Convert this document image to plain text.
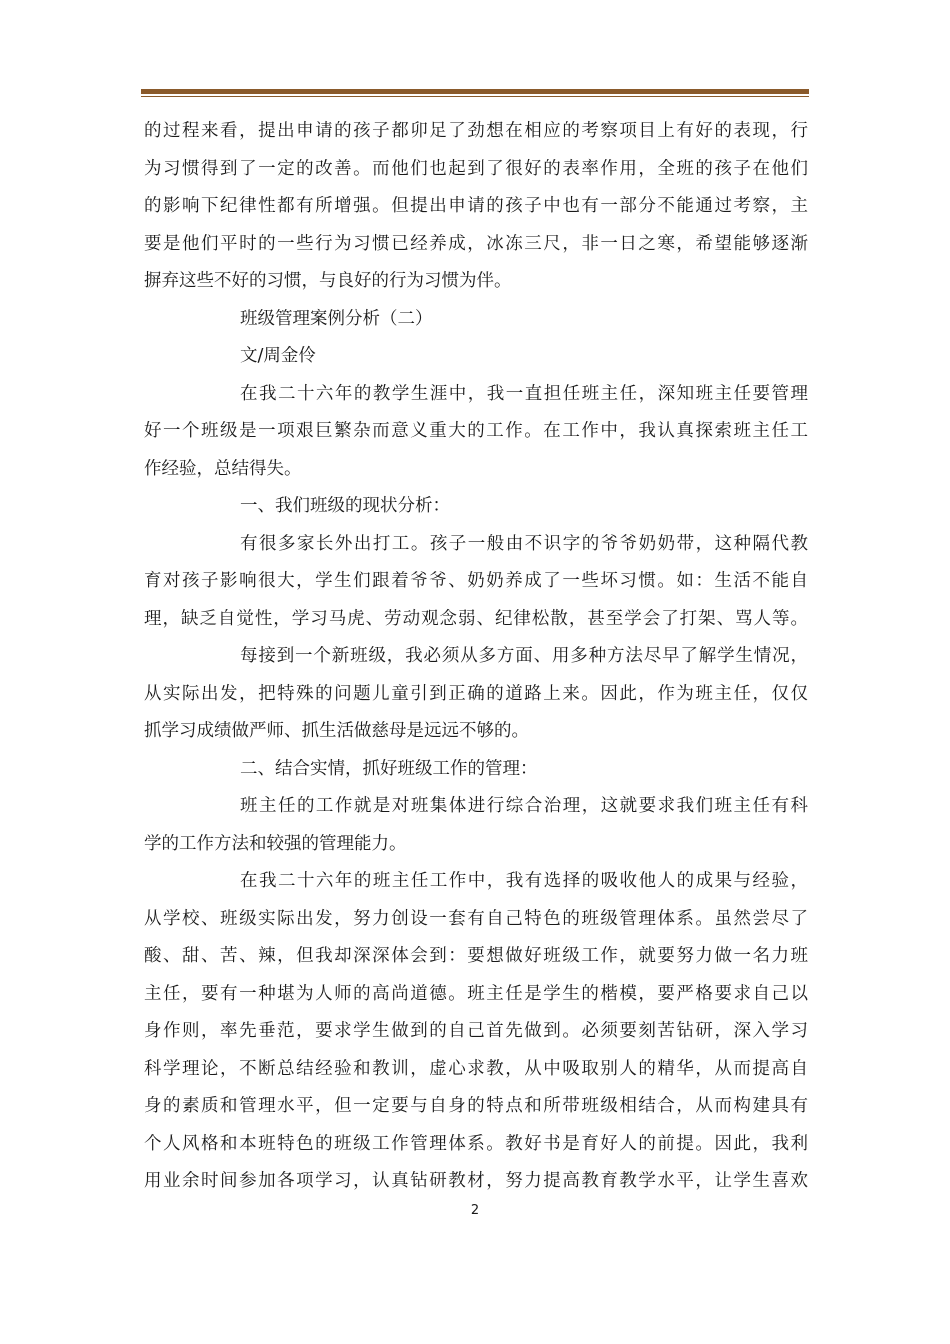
的过程来看，提出申请的孩子都卯足了劲想在相应的考察项目上有好的表现，行
为习惯得到了一定的改善。而他们也起到了很好的表率作用，全班的孩子在他们
的影响下纪律性都有所增强。但提出申请的孩子中也有一部分不能通过考察，主
要是他们平时的一些行为习惯已经养成，冰冻三尺，非一日之寒，希望能够逐渐
摒弃这些不好的习惯，与良好的行为习惯为伴。
班级管理案例分析（二）
文/周金伶
在我二十六年的教学生涯中，我一直担任班主任，深知班主任要管理
好一个班级是一项艰巨繁杂而意义重大的工作。在工作中，我认真探索班主任工
作经验，总结得失。
一、我们班级的现状分析：
有很多家长外出打工。孩子一般由不识字的爷爷奶奶带，这种隔代教
育对孩子影响很大，学生们跟着爷爷、奶奶养成了一些坏习惯。如：生活不能自
理，缺乏自觉性，学习马虎、劳动观念弱、纪律松散，甚至学会了打架、骂人等。
每接到一个新班级，我必须从多方面、用多种方法尽早了解学生情况，
从实际出发，把特殊的问题儿童引到正确的道路上来。因此，作为班主任，仅仅
抓学习成绩做严师、抓生活做慈母是远远不够的。
二、结合实情，抓好班级工作的管理：
班主任的工作就是对班集体进行综合治理，这就要求我们班主任有科
学的工作方法和较强的管理能力。
在我二十六年的班主任工作中，我有选择的吸收他人的成果与经验，
从学校、班级实际出发，努力创设一套有自己特色的班级管理体系。虽然尝尽了
酸、甜、苦、辣，但我却深深体会到：要想做好班级工作，就要努力做一名力班
主任，要有一种堪为人师的高尚道德。班主任是学生的楷模，要严格要求自己以
身作则，率先垂范，要求学生做到的自己首先做到。必须要刻苦钻研，深入学习
科学理论，不断总结经验和教训，虚心求教，从中吸取别人的精华，从而提高自
身的素质和管理水平，但一定要与自身的特点和所带班级相结合，从而构建具有
个人风格和本班特色的班级工作管理体系。教好书是育好人的前提。因此，我利
用业余时间参加各项学习，认真钻研教材，努力提高教育教学水平，让学生喜欢
2
